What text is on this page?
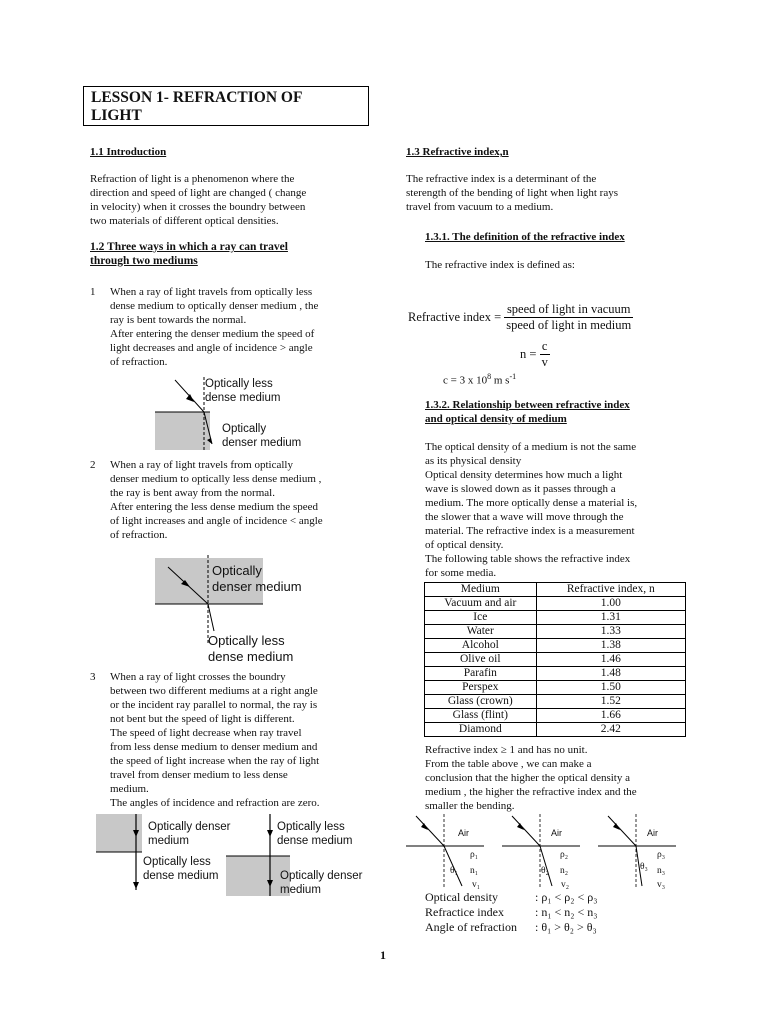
LESSON 1- REFRACTION OF
LIGHT
1.1 Introduction
Refraction of light is a phenomenon where the
direction and speed of light are changed ( change
in velocity) when it crosses the boundry between
two materials of different optical densities.
1.2 Three ways in which a ray can travel
through two mediums
1 When a ray of light travels from optically less
dense medium to optically denser medium , the
ray is bent towards the normal.
After entering the denser medium the speed of
light decreases and angle of incidence > angle
of refraction.
Optically less
dense medium
Optically
denser medium
2 When a ray of light travels from optically
denser medium to optically less dense medium ,
the ray is bent away from the normal.
After entering the less dense medium the speed
of light increases and angle of incidence < angle
of refraction.
Optically
denser medium
Optically less
dense medium
3 When a ray of light crosses the boundry
between two different mediums at a right angle
or the incident ray parallel to normal, the ray is
not bent but the speed of light is different.
The speed of light decrease when ray travel
from less dense medium to denser medium and
the speed of light increase when the ray of light
travel from denser medium to less dense
medium.
The angles of incidence and refraction are zero.
Optically denser
medium
Optically less
dense medium
Optically less
dense medium
Optically denser
medium
1.3 Refractive index,n
The refractive index is a determinant of the
sterength of the bending of light when light rays
travel from vacuum to a medium.
1.3.1. The definition of the refractive index
The refractive index is defined as:
Refractive index = $\frac{\text{speed of light in vacuum}}{\text{speed of light in medium}}$
$n = \frac{c}{v}$
c = 3 x $10^8$ m $s^{-1}$
1.3.2. Relationship between refractive index
and optical density of medium
The optical density of a medium is not the same
as its physical density
Optical density determines how much a light
wave is slowed down as it passes through a
medium. The more optically dense a material is,
the slower that a wave will move through the
material. The refractive index is a measurement
of optical density.
The following table shows the refractive index
for some media.
Medium	Refractive index, n
Vacuum and air	1.00
Ice	1.31
Water	1.33
Alcohol	1.38
Olive oil	1.46
Parafin	1.48
Perspex	1.50
Glass (crown)	1.52
Glass (flint)	1.66
Diamond	2.42
Refractive index ≥ 1 and has no unit.
From the table above , we can make a
conclusion that the higher the optical density a
medium , the higher the refractive index and the
smaller the bending.
Air	Air	Air
ρ₁
n₁
θ₁
v₁
ρ₂
n₂
θ₂
v₂
ρ₃
n₃
θ₃
v₃
Optical density	: ρ₁ < ρ₂ < ρ₃
Refractice index	: n₁ < n₂ < n₃
Angle of refraction : θ₁ > θ₂ > θ₃
1
